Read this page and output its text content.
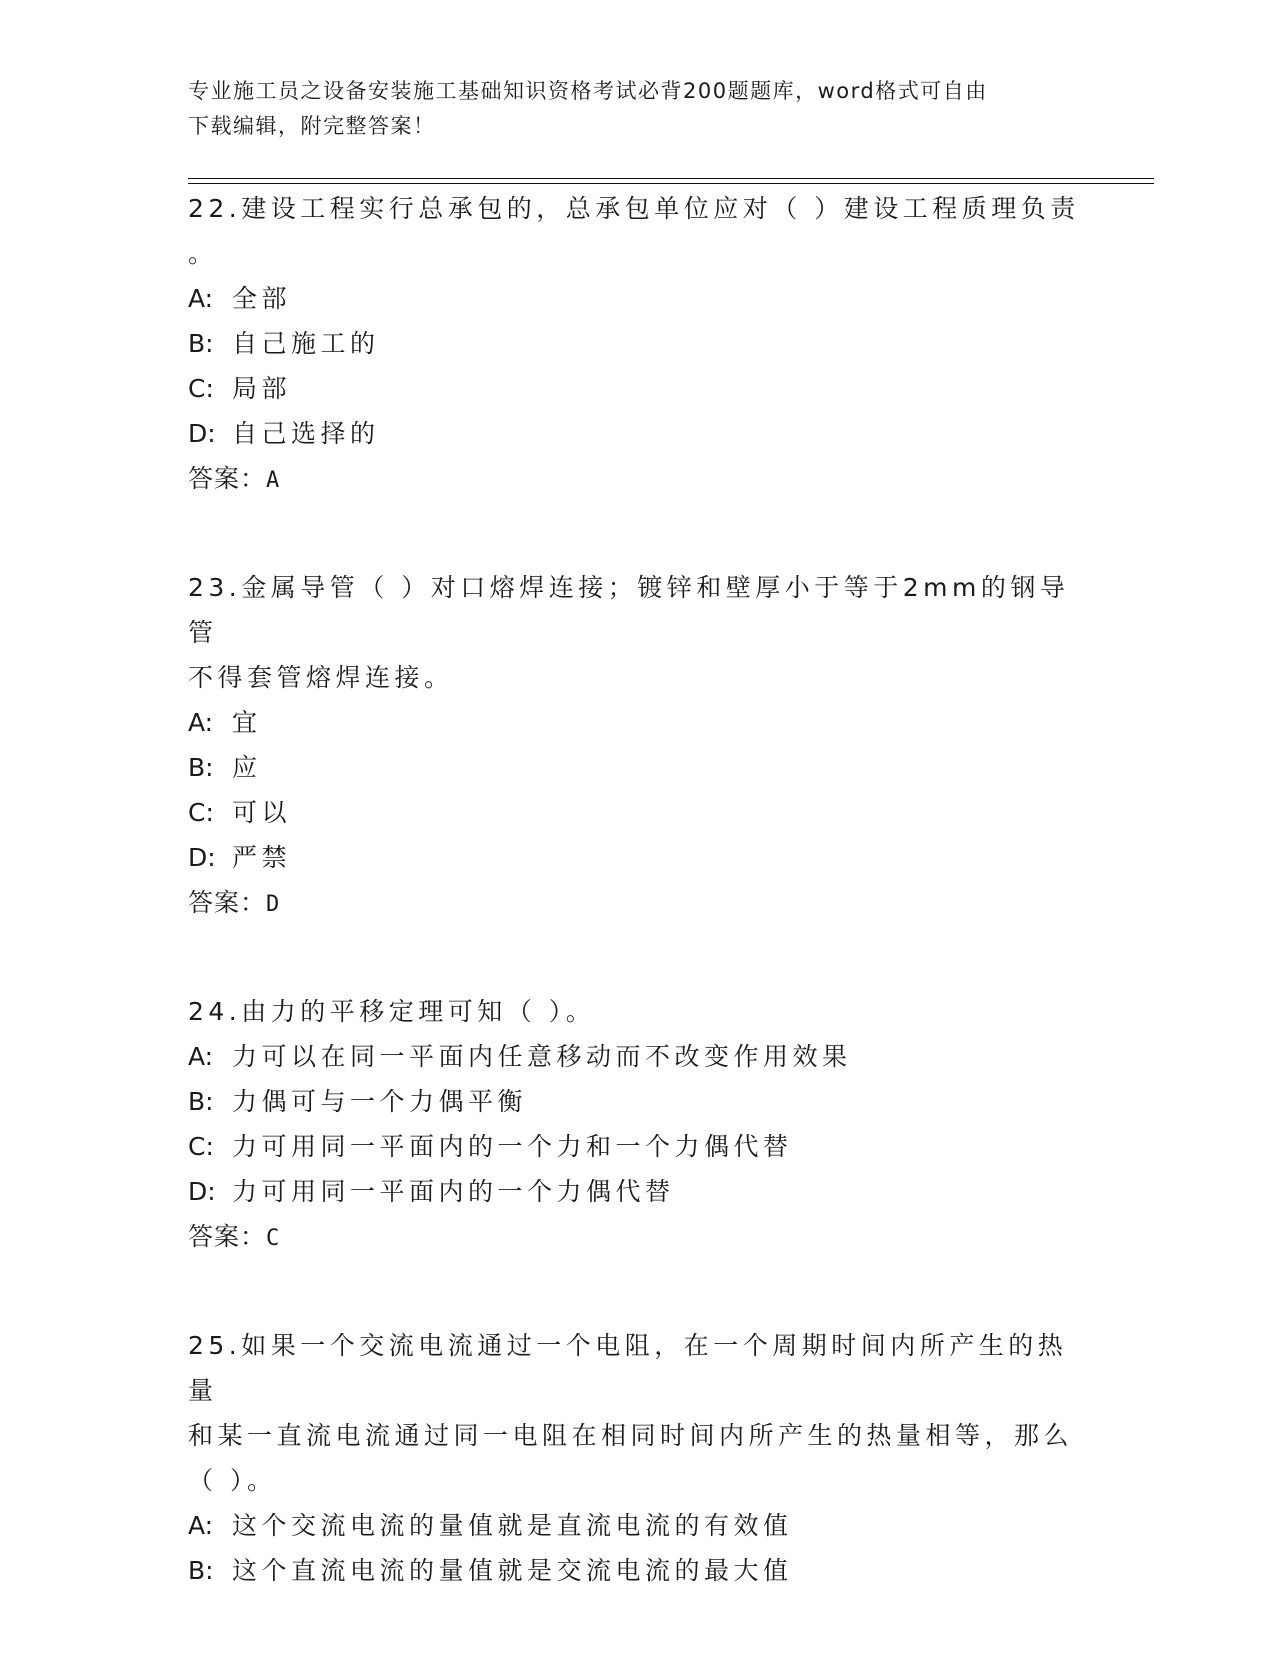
专业施工员之设备安装施工基础知识资格考试必背200题题库，word格式可自由
下载编辑，附完整答案！

22.建设工程实行总承包的，总承包单位应对（ ）建设工程质理负责
。

A: 全部

B: 自己施工的

C: 局部

D: 自己选择的

答案：A

23.金属导管（ ）对口熔焊连接；镀锌和壁厚小于等于2mm的钢导管
不得套管熔焊连接。

A: 宜

B: 应

C: 可以

D: 严禁

答案：D

24.由力的平移定理可知（ ）。

A: 力可以在同一平面内任意移动而不改变作用效果

B: 力偶可与一个力偶平衡

C: 力可用同一平面内的一个力和一个力偶代替

D: 力可用同一平面内的一个力偶代替

答案：C

25.如果一个交流电流通过一个电阻，在一个周期时间内所产生的热量
和某一直流电流通过同一电阻在相同时间内所产生的热量相等，那么
（ ）。

A: 这个交流电流的量值就是直流电流的有效值

B: 这个直流电流的量值就是交流电流的最大值
